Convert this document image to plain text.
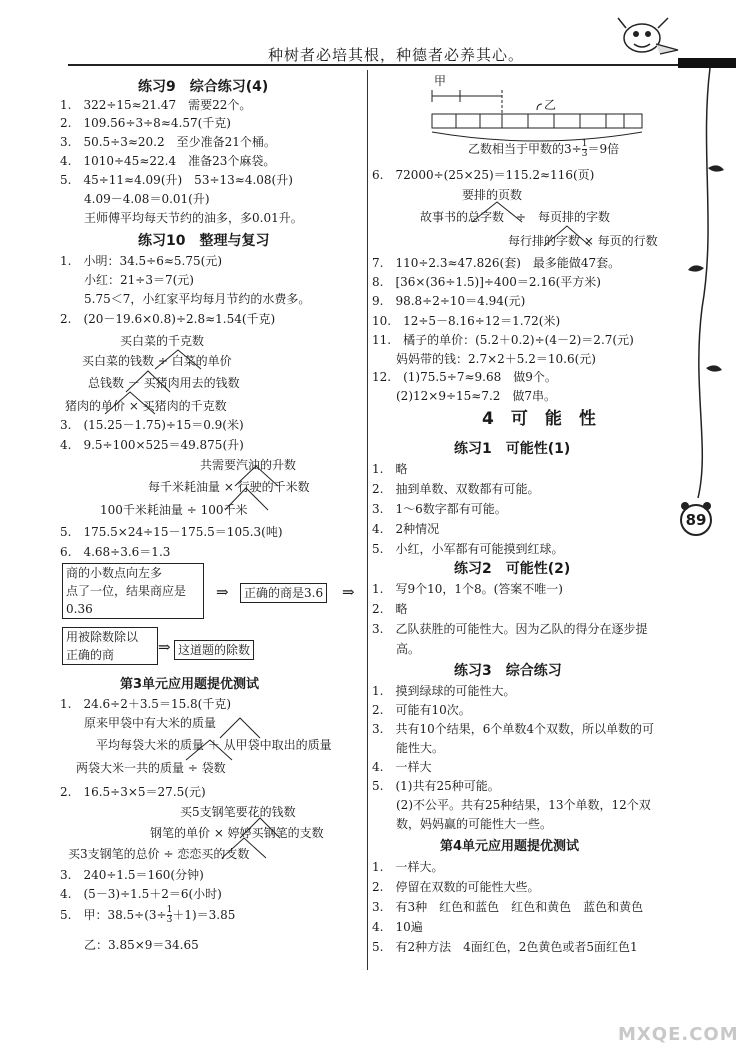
种树者必培其根，种德者必养其心。
89
练习9　综合练习(4)
1.　322÷15≈21.47　需要22个。
2.　109.56÷3÷8≈4.57(千克)
3.　50.5÷3≈20.2　至少准备21个桶。
4.　1010÷45≈22.4　准备23个麻袋。
5.　45÷11≈4.09(升)　53÷13≈4.08(升)
　　4.09－4.08＝0.01(升)
　　王师傅平均每天节约的油多，多0.01升。
练习10　整理与复习
1.　小明：34.5÷6≈5.75(元)
　　小红：21÷3＝7(元)
　　5.75＜7，小红家平均每月节约的水费多。
2.　(20－19.6×0.8)÷2.8≈1.54(千克)
买白菜的千克数
买白菜的钱数 ÷ 白菜的单价
总钱数 － 买猪肉用去的钱数
猪肉的单价 × 买猪肉的千克数
3.　(15.25－1.75)÷15＝0.9(米)
4.　9.5÷100×525＝49.875(升)
共需要汽油的升数
每千米耗油量 × 行驶的千米数
100千米耗油量 ÷ 100千米
5.　175.5×24÷15－175.5＝105.3(吨)
6.　4.68÷3.6＝1.3
商的小数点向左多
点了一位，结果商应是
0.36
⇒	正确的商是3.6 ⇒
用被除数除以
正确的商	⇒ 这道题的除数
第3单元应用题提优测试
1.　24.6÷2＋3.5＝15.8(千克)
原来甲袋中有大米的质量
平均每袋大米的质量 ＋ 从甲袋中取出的质量
两袋大米一共的质量 ÷ 袋数
2.　16.5÷3×5＝27.5(元)
买5支钢笔要花的钱数
钢笔的单价 × 婷婷买钢笔的支数
买3支钢笔的总价 ÷ 恋恋买的支数
3.　240÷1.5＝160(分钟)
4.　(5－3)÷1.5＋2＝6(小时)
5.　甲：$38.5\div(3\div \frac{1}{3} +1)=3.85$
　　乙：3.85×9＝34.65
甲
乙
乙数相当于甲数的$3\div \frac{1}{3} =9$倍
6.　72000÷(25×25)＝115.2≈116(页)
要排的页数
故事书的总字数　÷　每页排的字数
每行排的字数 × 每页的行数
7.　110÷2.3≈47.826(套)　最多能做47套。
8.　[36×(36÷1.5)]÷400＝2.16(平方米)
9.　98.8÷2÷10＝4.94(元)
10.　12÷5－8.16÷12＝1.72(米)
11.　橘子的单价：(5.2＋0.2)÷(4－2)＝2.7(元)
　　妈妈带的钱：2.7×2＋5.2＝10.6(元)
12.　(1)75.5÷7≈9.68　做9个。
　　(2)12×9÷15≈7.2　做7串。
4　可　能　性
练习1　可能性(1)
1.　略
2.　抽到单数、双数都有可能。
3.　1～6数字都有可能。
4.　2种情况
5.　小红，小军都有可能摸到红球。
练习2　可能性(2)
1.　写9个10，1个8。(答案不唯一)
2.　略
3.　乙队获胜的可能性大。因为乙队的得分在逐步提
　　高。
练习3　综合练习
1.　摸到绿球的可能性大。
2.　可能有10次。
3.　共有10个结果，6个单数4个双数，所以单数的可
　　能性大。
4.　一样大
5.　(1)共有25种可能。
　　(2)不公平。共有25种结果，13个单数，12个双
　　数，妈妈赢的可能性大一些。
第4单元应用题提优测试
1.　一样大。
2.　停留在双数的可能性大些。
3.　有3种　红色和蓝色　红色和黄色　蓝色和黄色
4.　10遍
5.　有2种方法　4面红色，2色黄色或者5面红色1
MXQE.COM
